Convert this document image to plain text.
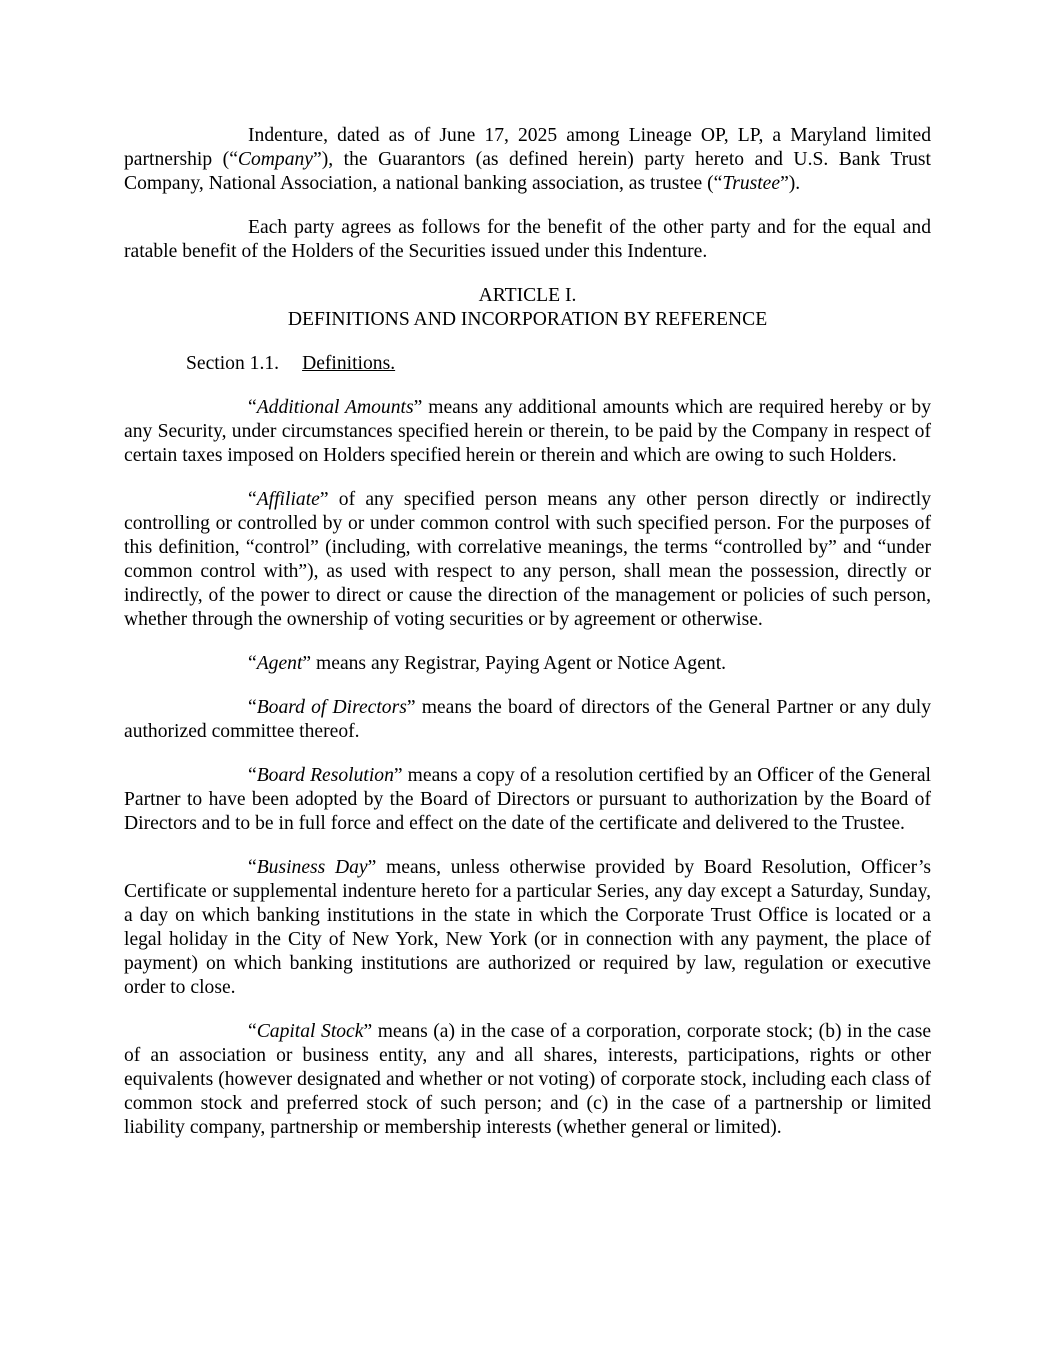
Indenture, dated as of June 17, 2025 among Lineage OP, LP, a Maryland limited partnership (“Company”), the Guarantors (as defined herein) party hereto and U.S. Bank Trust Company, National Association, a national banking association, as trustee (“Trustee”).

Each party agrees as follows for the benefit of the other party and for the equal and ratable benefit of the Holders of the Securities issued under this Indenture.

ARTICLE I.
DEFINITIONS AND INCORPORATION BY REFERENCE
Section 1.1. Definitions.

“Additional Amounts” means any additional amounts which are required hereby or by any Security, under circumstances specified herein or therein, to be paid by the Company in respect of certain taxes imposed on Holders specified herein or therein and which are owing to such Holders.

“Affiliate” of any specified person means any other person directly or indirectly controlling or controlled by or under common control with such specified person. For the purposes of this definition, “control” (including, with correlative meanings, the terms “controlled by” and “under common control with”), as used with respect to any person, shall mean the possession, directly or indirectly, of the power to direct or cause the direction of the management or policies of such person, whether through the ownership of voting securities or by agreement or otherwise.

“Agent” means any Registrar, Paying Agent or Notice Agent.

“Board of Directors” means the board of directors of the General Partner or any duly authorized committee thereof.

“Board Resolution” means a copy of a resolution certified by an Officer of the General Partner to have been adopted by the Board of Directors or pursuant to authorization by the Board of Directors and to be in full force and effect on the date of the certificate and delivered to the Trustee.

“Business Day” means, unless otherwise provided by Board Resolution, Officer’s Certificate or supplemental indenture hereto for a particular Series, any day except a Saturday, Sunday, a day on which banking institutions in the state in which the Corporate Trust Office is located or a legal holiday in the City of New York, New York (or in connection with any payment, the place of payment) on which banking institutions are authorized or required by law, regulation or executive order to close.

“Capital Stock” means (a) in the case of a corporation, corporate stock; (b) in the case of an association or business entity, any and all shares, interests, participations, rights or other equivalents (however designated and whether or not voting) of corporate stock, including each class of common stock and preferred stock of such person; and (c) in the case of a partnership or limited liability company, partnership or membership interests (whether general or limited).
